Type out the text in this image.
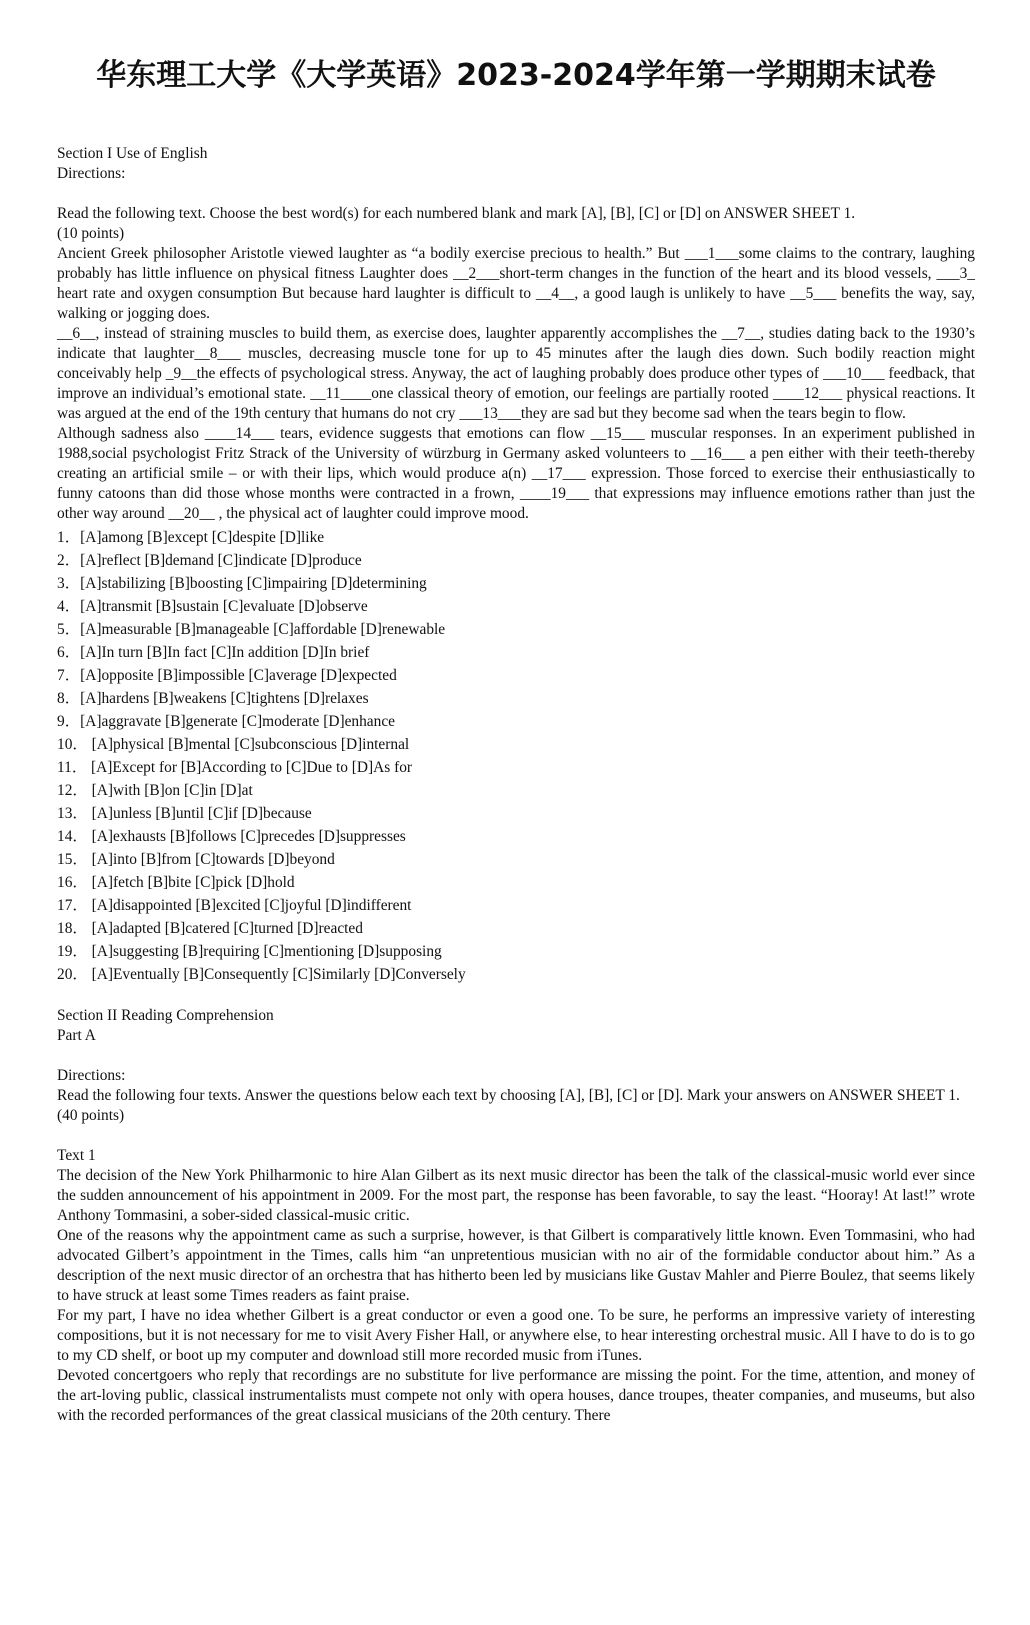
华东理工大学《大学英语》2023-2024学年第一学期期末试卷

Section I Use of English

Directions:

Read the following text. Choose the best word(s) for each numbered blank and mark [A], [B], [C] or [D] on ANSWER SHEET 1.

(10 points)

Ancient Greek philosopher Aristotle viewed laughter as “a bodily exercise precious to health.” But ___1___some claims to the contrary, laughing probably has little influence on physical fitness Laughter does __2___short-term changes in the function of the heart and its blood vessels, ___3_ heart rate and oxygen consumption But because hard laughter is difficult to __4__, a good laugh is unlikely to have __5___ benefits the way, say, walking or jogging does.

__6__, instead of straining muscles to build them, as exercise does, laughter apparently accomplishes the __7__, studies dating back to the 1930’s indicate that laughter__8___ muscles, decreasing muscle tone for up to 45 minutes after the laugh dies down. Such bodily reaction might conceivably help _9__the effects of psychological stress. Anyway, the act of laughing probably does produce other types of ___10___ feedback, that improve an individual’s emotional state. __11____one classical theory of emotion, our feelings are partially rooted ____12___ physical reactions. It was argued at the end of the 19th century that humans do not cry ___13___they are sad but they become sad when the tears begin to flow.

Although sadness also ____14___ tears, evidence suggests that emotions can flow __15___ muscular responses. In an experiment published in 1988,social psychologist Fritz Strack of the University of würzburg in Germany asked volunteers to __16___ a pen either with their teeth-thereby creating an artificial smile – or with their lips, which would produce a(n) __17___ expression. Those forced to exercise their enthusiastically to funny catoons than did those whose months were contracted in a frown, ____19___ that expressions may influence emotions rather than just the other way around __20__ , the physical act of laughter could improve mood.

1．[A]among [B]except [C]despite [D]like
2．[A]reflect [B]demand [C]indicate [D]produce
3．[A]stabilizing [B]boosting [C]impairing [D]determining
4．[A]transmit [B]sustain [C]evaluate [D]observe
5．[A]measurable [B]manageable [C]affordable [D]renewable
6．[A]In turn [B]In fact [C]In addition [D]In brief
7．[A]opposite [B]impossible [C]average [D]expected
8．[A]hardens [B]weakens [C]tightens [D]relaxes
9．[A]aggravate [B]generate [C]moderate [D]enhance
10． [A]physical [B]mental [C]subconscious [D]internal
11． [A]Except for [B]According to [C]Due to [D]As for
12． [A]with [B]on [C]in [D]at
13． [A]unless [B]until [C]if [D]because
14． [A]exhausts [B]follows [C]precedes [D]suppresses
15． [A]into [B]from [C]towards [D]beyond
16． [A]fetch [B]bite [C]pick [D]hold
17． [A]disappointed [B]excited [C]joyful [D]indifferent
18． [A]adapted [B]catered [C]turned [D]reacted
19． [A]suggesting [B]requiring [C]mentioning [D]supposing
20． [A]Eventually [B]Consequently [C]Similarly [D]Conversely

Section II Reading Comprehension

Part A

Directions:

Read the following four texts. Answer the questions below each text by choosing [A], [B], [C] or [D]. Mark your answers on ANSWER SHEET 1. (40 points)

Text 1

The decision of the New York Philharmonic to hire Alan Gilbert as its next music director has been the talk of the classical-music world ever since the sudden announcement of his appointment in 2009. For the most part, the response has been favorable, to say the least. “Hooray! At last!” wrote Anthony Tommasini, a sober-sided classical-music critic.

One of the reasons why the appointment came as such a surprise, however, is that Gilbert is comparatively little known. Even Tommasini, who had advocated Gilbert’s appointment in the Times, calls him “an unpretentious musician with no air of the formidable conductor about him.” As a description of the next music director of an orchestra that has hitherto been led by musicians like Gustav Mahler and Pierre Boulez, that seems likely to have struck at least some Times readers as faint praise.

For my part, I have no idea whether Gilbert is a great conductor or even a good one. To be sure, he performs an impressive variety of interesting compositions, but it is not necessary for me to visit Avery Fisher Hall, or anywhere else, to hear interesting orchestral music. All I have to do is to go to my CD shelf, or boot up my computer and download still more recorded music from iTunes.

Devoted concertgoers who reply that recordings are no substitute for live performance are missing the point. For the time, attention, and money of the art-loving public, classical instrumentalists must compete not only with opera houses, dance troupes, theater companies, and museums, but also with the recorded performances of the great classical musicians of the 20th century. There
